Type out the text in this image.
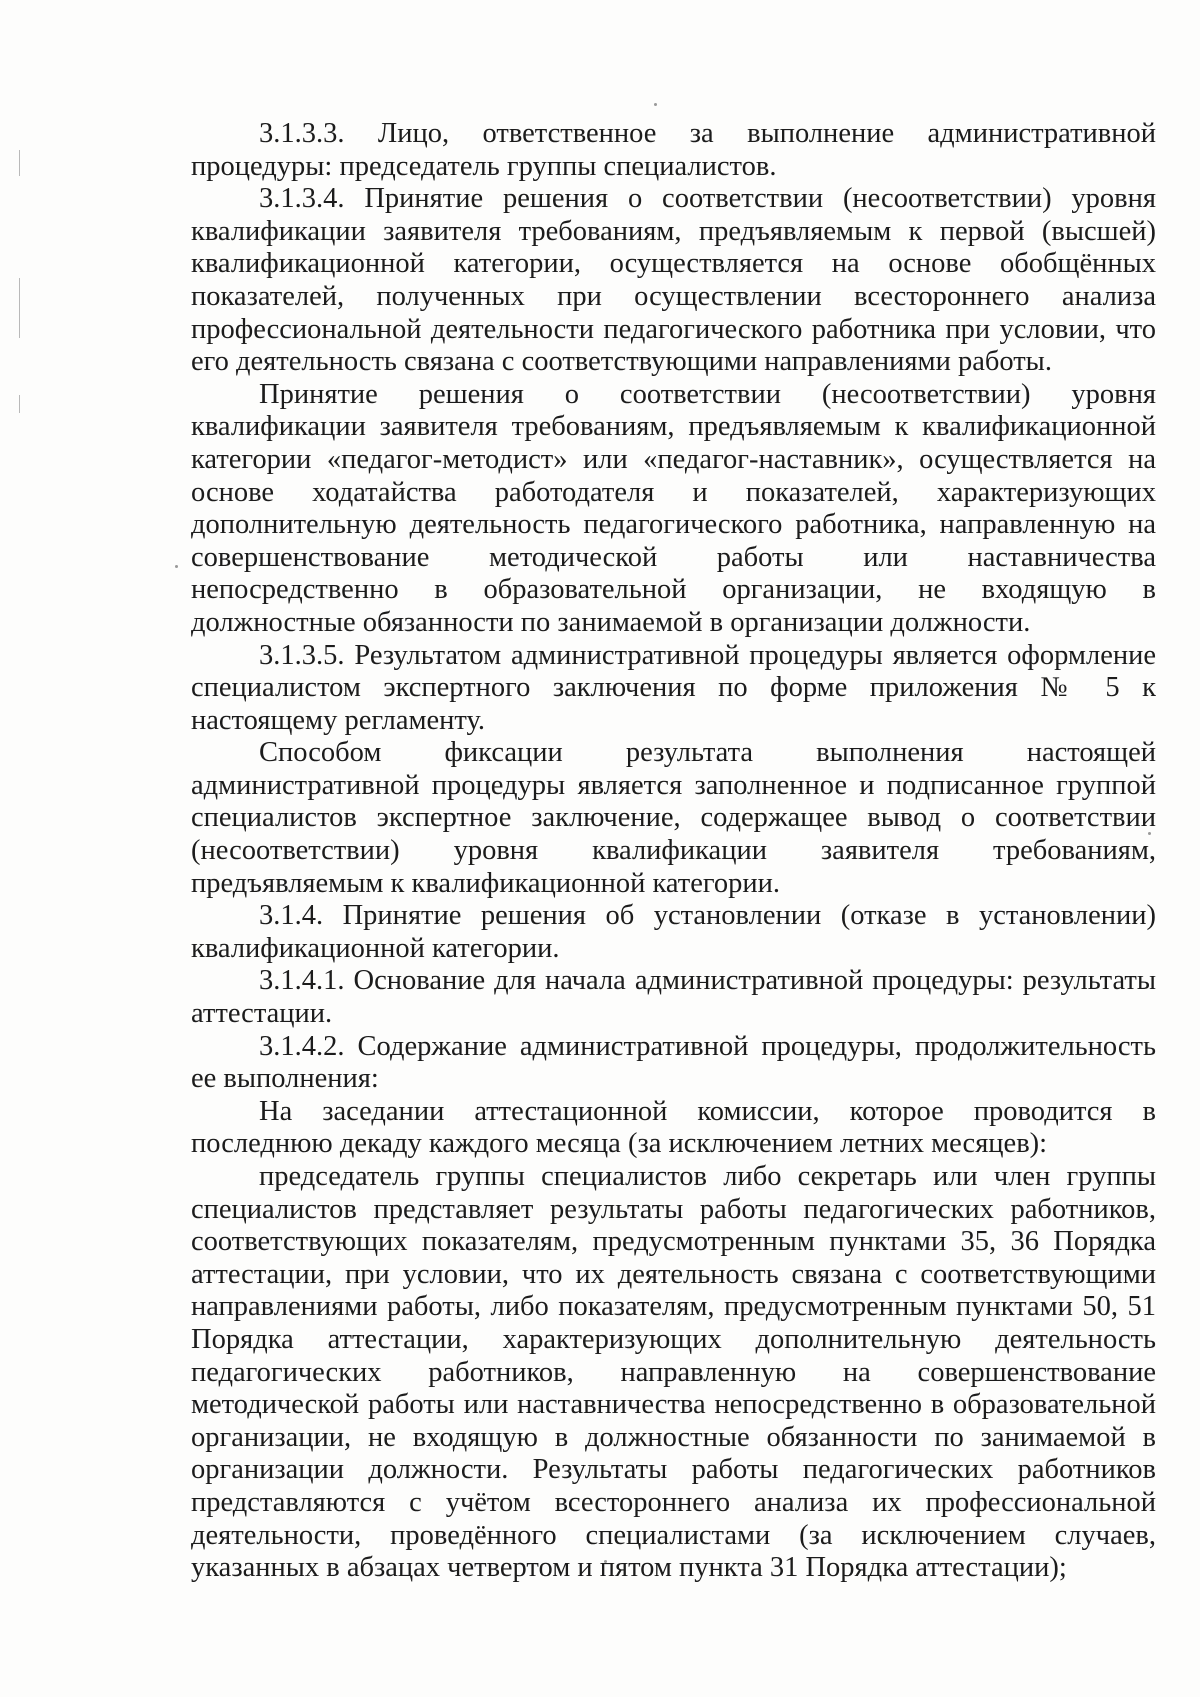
3.1.3.3. Лицо, ответственное за выполнение административной процедуры: председатель группы специалистов.

3.1.3.4. Принятие решения о соответствии (несоответствии) уровня квалификации заявителя требованиям, предъявляемым к первой (высшей) квалификационной категории, осуществляется на основе обобщённых показателей, полученных при осуществлении всестороннего анализа профессиональной деятельности педагогического работника при условии, что его деятельность связана с соответствующими направлениями работы.

Принятие решения о соответствии (несоответствии) уровня квалификации заявителя требованиям, предъявляемым к квалификационной категории «педагог-методист» или «педагог-наставник», осуществляется на основе ходатайства работодателя и показателей, характеризующих дополнительную деятельность педагогического работника, направленную на совершенствование методической работы или наставничества непосредственно в образовательной организации, не входящую в должностные обязанности по занимаемой в организации должности.

3.1.3.5. Результатом административной процедуры является оформление специалистом экспертного заключения по форме приложения № 5 к настоящему регламенту.

Способом фиксации результата выполнения настоящей административной процедуры является заполненное и подписанное группой специалистов экспертное заключение, содержащее вывод о соответствии (несоответствии) уровня квалификации заявителя требованиям, предъявляемым к квалификационной категории.

3.1.4. Принятие решения об установлении (отказе в установлении) квалификационной категории.

3.1.4.1. Основание для начала административной процедуры: результаты аттестации.

3.1.4.2. Содержание административной процедуры, продолжительность ее выполнения:

На заседании аттестационной комиссии, которое проводится в последнюю декаду каждого месяца (за исключением летних месяцев):

председатель группы специалистов либо секретарь или член группы специалистов представляет результаты работы педагогических работников, соответствующих показателям, предусмотренным пунктами 35, 36 Порядка аттестации, при условии, что их деятельность связана с соответствующими направлениями работы, либо показателям, предусмотренным пунктами 50, 51 Порядка аттестации, характеризующих дополнительную деятельность педагогических работников, направленную на совершенствование методической работы или наставничества непосредственно в образовательной организации, не входящую в должностные обязанности по занимаемой в организации должности. Результаты работы педагогических работников представляются с учётом всестороннего анализа их профессиональной деятельности, проведённого специалистами (за исключением случаев, указанных в абзацах четвертом и пятом пункта 31 Порядка аттестации);
